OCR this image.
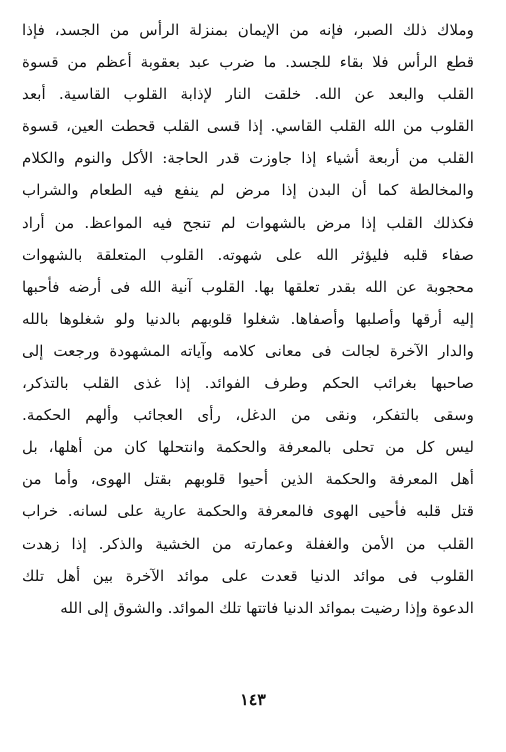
وملاك ذلك الصبر، فإنه من الإيمان بمنزلة الرأس من الجسد، فإذا
قطع الرأس فلا بقاء للجسد. ما ضرب عبد بعقوبة أعظم من قسوة
القلب والبعد عن الله. خلقت النار لإذابة القلوب القاسية. أبعد
القلوب من الله القلب القاسي. إذا قسى القلب قحطت العين، قسوة
القلب من أربعة أشياء إذا جاوزت قدر الحاجة: الأكل والنوم والكلام
والمخالطة كما أن البدن إذا مرض لم ينفع فيه الطعام والشراب
فكذلك القلب إذا مرض بالشهوات لم تنجح فيه المواعظ. من أراد
صفاء قلبه فليؤثر الله على شهوته. القلوب المتعلقة بالشهوات
محجوبة عن الله بقدر تعلقها بها. القلوب آنية الله فى أرضه فأحبها
إليه أرقها وأصلبها وأصفاها. شغلوا قلوبهم بالدنيا ولو شغلوها بالله
والدار الآخرة لجالت فى معانى كلامه وآياته المشهودة ورجعت إلى
صاحبها بغرائب الحكم وطرف الفوائد. إذا غذى القلب بالتذكر،
وسقى بالتفكر، ونقى من الدغل، رأى العجائب وألهم الحكمة.
ليس كل من تحلى بالمعرفة والحكمة وانتحلها كان من أهلها، بل
أهل المعرفة والحكمة الذين أحيوا قلوبهم بقتل الهوى، وأما من
قتل قلبه فأحيى الهوى فالمعرفة والحكمة عارية على لسانه. خراب
القلب من الأمن والغفلة وعمارته من الخشية والذكر. إذا زهدت
القلوب فى موائد الدنيا قعدت على موائد الآخرة بين أهل تلك
الدعوة وإذا رضيت بموائد الدنيا فاتتها تلك الموائد. والشوق إلى الله
١٤٣
